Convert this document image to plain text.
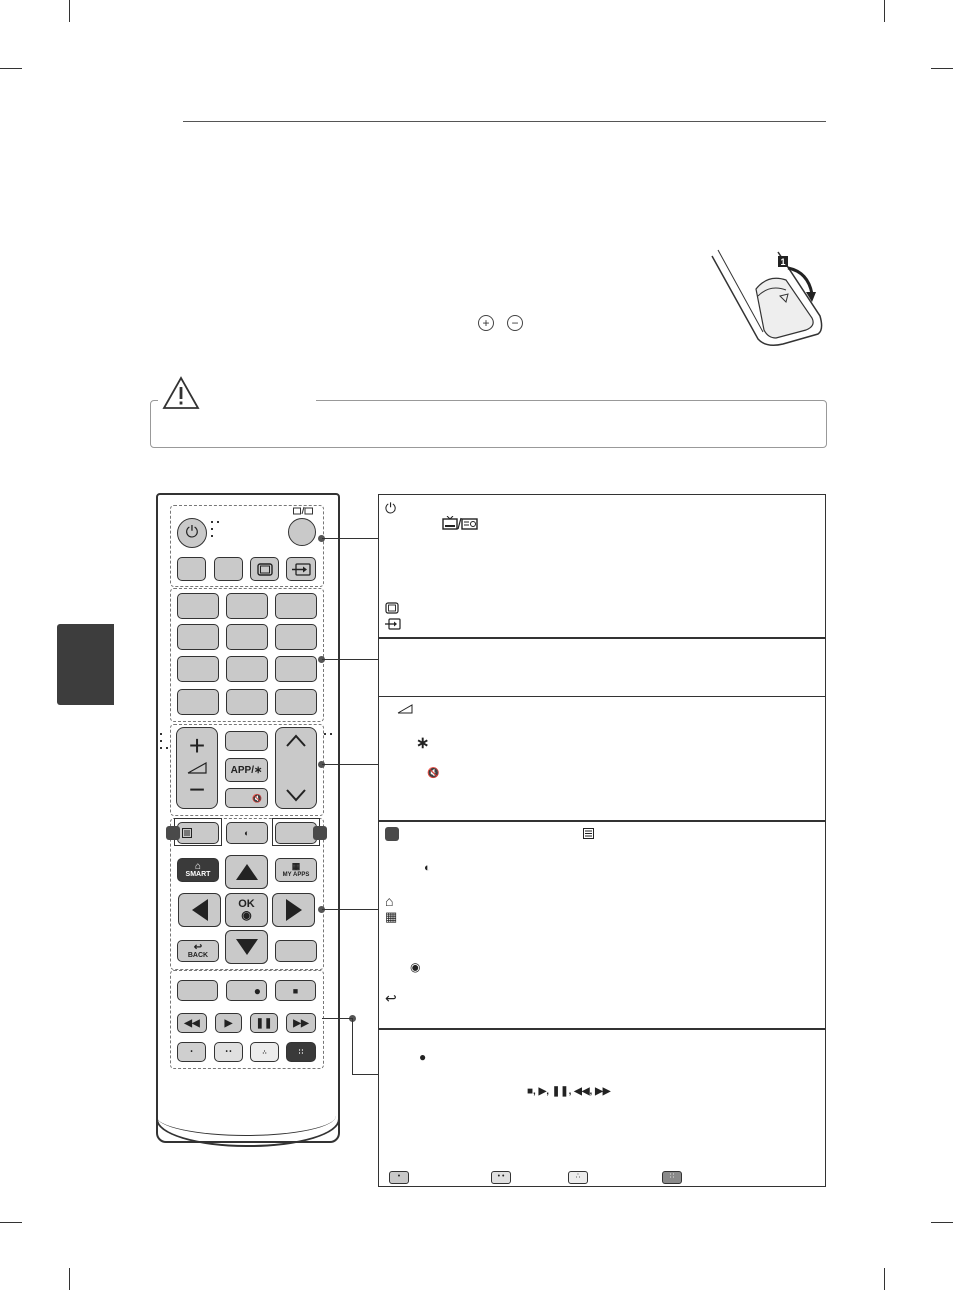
+	−
1
⏻
+
−
APP/∗
🔇
◐
⌂
SMART
▦
MY APPS
OK
◉
↩
BACK
●	■
◀◀ ▶ ❚❚ ▶▶
•	• •	∴	∷
⏻
∗
🔇
◐
⌂
▦
◉
↩
●
■, ▶, ❚❚, ◀◀, ▶▶
•	• •	∴	∷
